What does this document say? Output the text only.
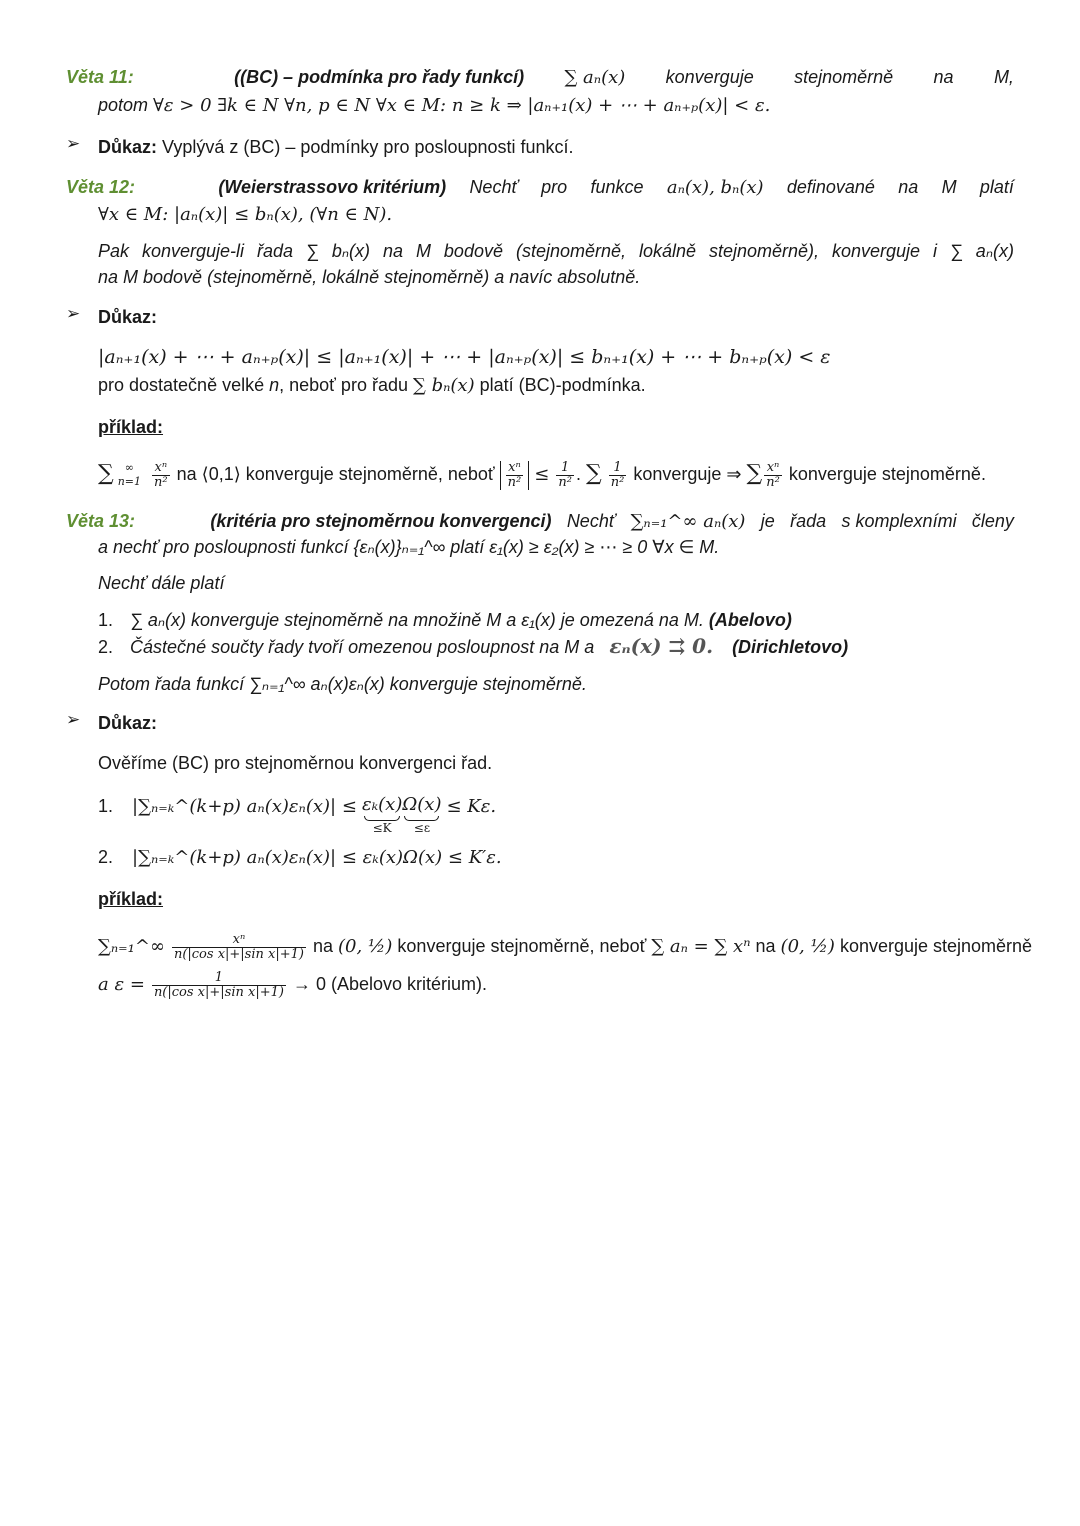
Věta 11:	((BC) – podmínka pro řady funkcí) ∑ aₙ(x) konverguje stejnoměrně na M,
potom ∀ε > 0 ∃k ∈ N ∀n, p ∈ N ∀x ∈ M: n ≥ k ⇒ |aₙ₊₁(x) + ⋯ + aₙ₊ₚ(x)| < ε.
➢ Důkaz: Vyplývá z (BC) – podmínky pro posloupnosti funkcí.
Věta 12:	(Weierstrassovo kritérium) Nechť pro funkce aₙ(x), bₙ(x) definované na M platí
∀x ∈ M: |aₙ(x)| ≤ bₙ(x), (∀n ∈ N).
Pak konverguje-li řada ∑ bₙ(x) na M bodově (stejnoměrně, lokálně stejnoměrně), konverguje i ∑ aₙ(x)
na M bodově (stejnoměrně, lokálně stejnoměrně) a navíc absolutně.
➢ Důkaz:
|aₙ₊₁(x) + ⋯ + aₙ₊ₚ(x)| ≤ |aₙ₊₁(x)| + ⋯ + |aₙ₊ₚ(x)| ≤ bₙ₊₁(x) + ⋯ + bₙ₊ₚ(x) < ε
pro dostatečně velké n, neboť pro řadu ∑ bₙ(x) platí (BC)-podmínka.
příklad:
∑	∞
n=1
$\frac{\text{xⁿ}}{\text{n²}}$ na ⟨0,1⟩ konverguje stejnoměrně, neboť $\frac{\text{xⁿ}}{\text{n²}} \le \frac{1}{\text{n²}}$ . ∑ $\frac{1}{\text{n²}}$ konverguje ⇒ ∑ $\frac{\text{xⁿ}}{\text{n²}}$ konverguje stejnoměrně.
Věta 13:	(kritéria pro stejnoměrnou konvergenci) Nechť ∑ₙ₌₁^∞ aₙ(x) je řada s komplexními členy
a nechť pro posloupnosti funkcí {εₙ(x)}ₙ₌₁^∞ platí ε₁(x) ≥ ε₂(x) ≥ ⋯ ≥ 0 ∀x ∈ M.
Nechť dále platí
1. ∑ aₙ(x) konverguje stejnoměrně na množině M a ε₁(x) je omezená na M. (Abelovo)
2. Částečné součty řady tvoří omezenou posloupnost na M a εₙ(x) ⇉ 0. (Dirichletovo)
Potom řada funkcí ∑ₙ₌₁^∞ aₙ(x)εₙ(x) konverguje stejnoměrně.
➢ Důkaz:
Ověříme (BC) pro stejnoměrnou konvergenci řad.
1. |∑ₙ₌ₖ^(k+p) aₙ(x)εₙ(x)| ≤ εₖ(x)
≤K
Ω(x)
≤ε
≤ Kε.
2. |∑ₙ₌ₖ^(k+p) aₙ(x)εₙ(x)| ≤ εₖ(x)Ω(x) ≤ K′ε.
příklad:
∑ₙ₌₁^∞ $\frac{\text{xⁿ}}{\text{n(|cos x|+|sin x|+1)}}$ na (0, ½) konverguje stejnoměrně, neboť ∑ aₙ = ∑ xⁿ na (0, ½) konverguje stejnoměrně
a $\varepsilon = \frac{1}{\text{n(|cos x|+|sin x|+1)}} \to 0$ (Abelovo kritérium).
